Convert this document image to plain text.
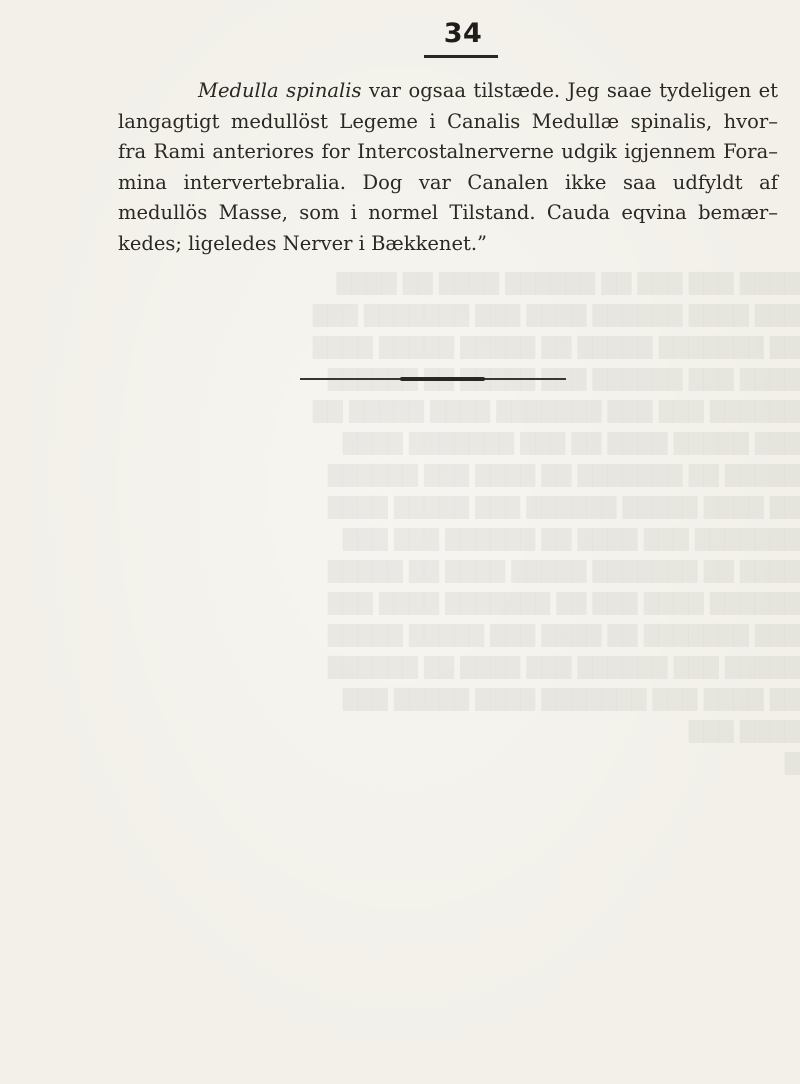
████ ███ ███ ██ ██████ ████ ██ ████
███ ████ ██████ ████ ███ ███████ ███
██ ███████ █████ ██ █████ █████ ████
████ ███ ██████ ███ █████ ██ ██████
██████ ███ ███ ███████ ████ █████ ██
███ █████ ████ ██ ███ ███████ ████
█████ ██ ███████ ██ ████ ███ ██████
██ ████ █████ ██████ ███ █████ ████
███████ ███ ████ ██ ██████ ███ ███
████ ██ ███████ █████ ████ ██ █████
██████ ████ ███ ██ ███████ ████ ███
███ ███████ ██ ████ ███ █████ █████
█████ ███ ██████ ███ ████ ██ ██████
██ ████ ███ ███████ ████ █████ ███
████ ███
█
34
Medulla spinalis var ogsaa tilstæde. Jeg saae tydeligen et
langagtigt medullöst Legeme i Canalis Medullæ spinalis, hvor–
fra Rami anteriores for Intercostalnerverne udgik igjennem Fora–
mina intervertebralia. Dog var Canalen ikke saa udfyldt af
medullös Masse, som i normel Tilstand. Cauda eqvina bemær–
kedes; ligeledes Nerver i Bækkenet.”
